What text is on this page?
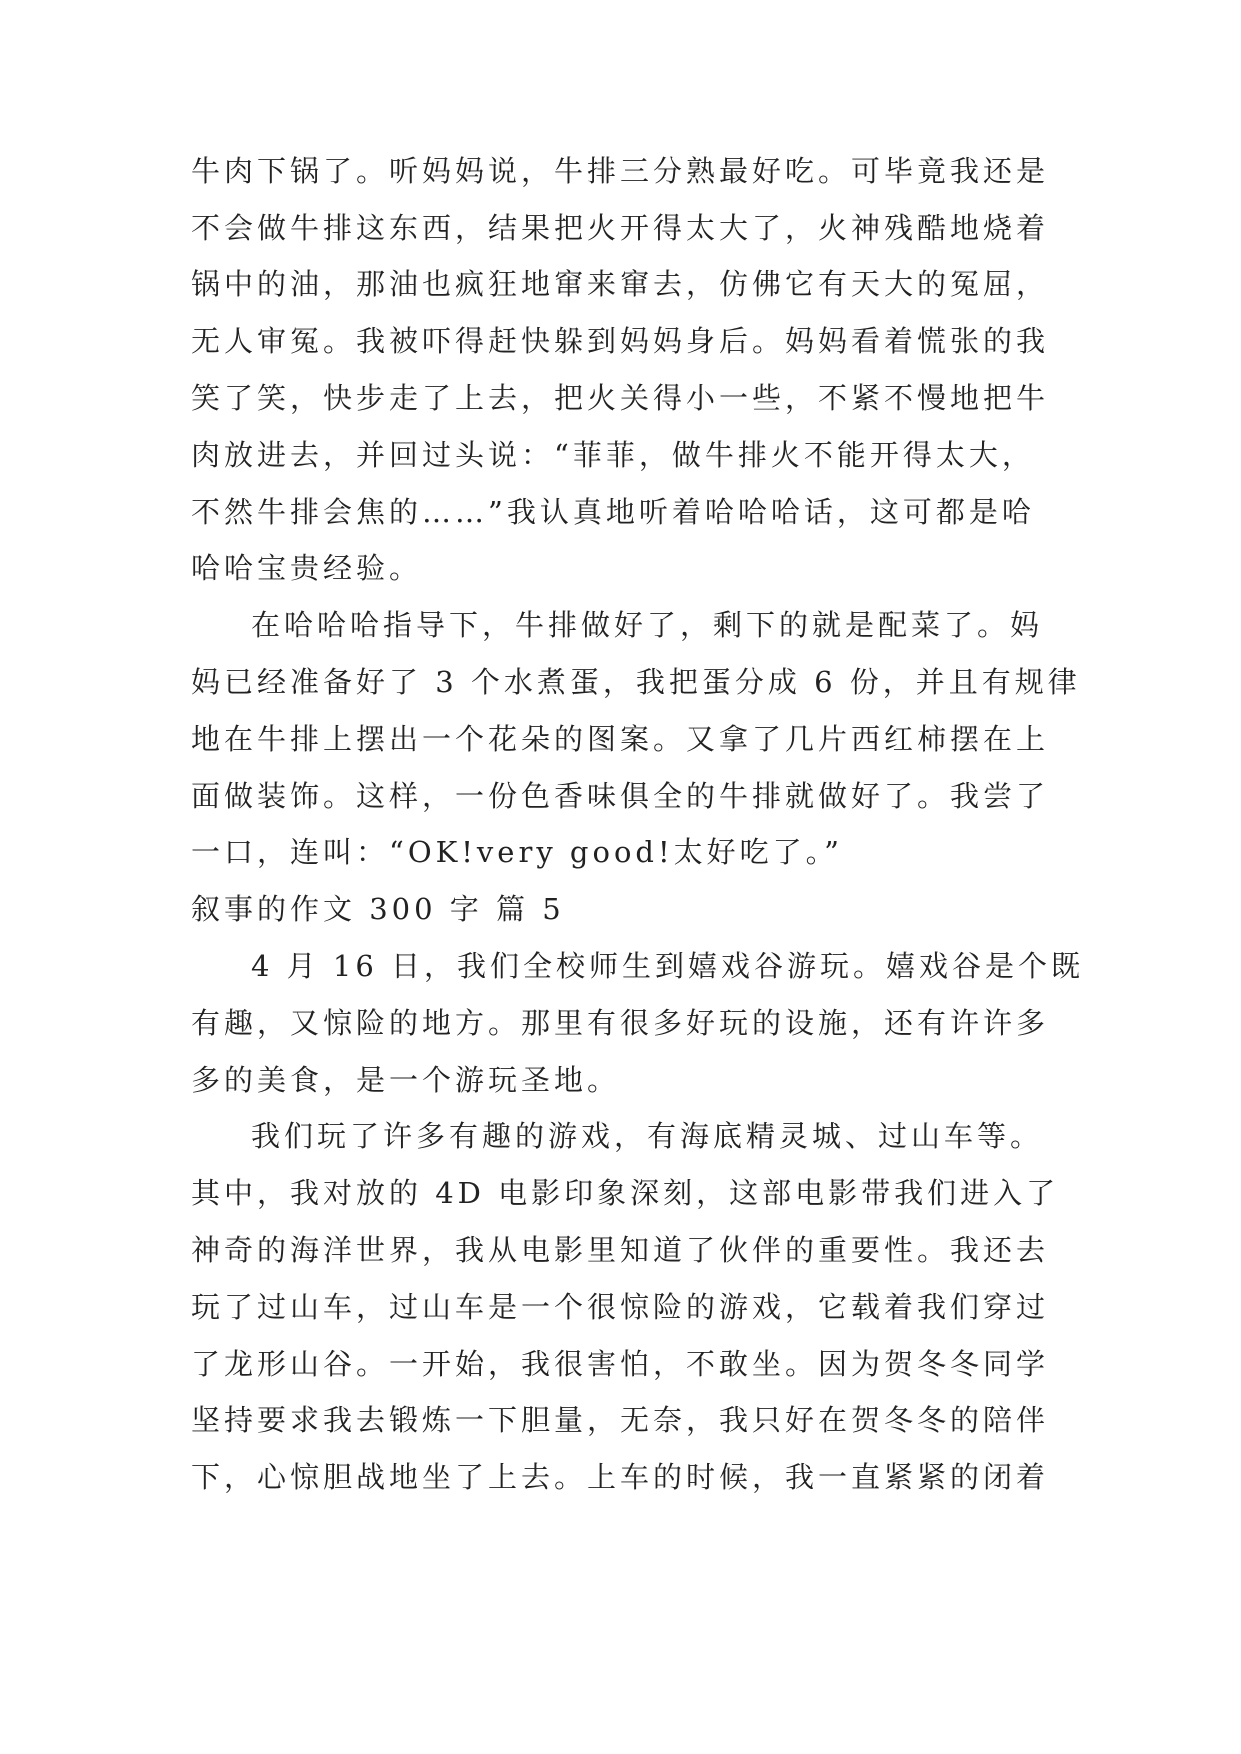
牛肉下锅了。听妈妈说，牛排三分熟最好吃。可毕竟我还是
不会做牛排这东西，结果把火开得太大了，火神残酷地烧着
锅中的油，那油也疯狂地窜来窜去，仿佛它有天大的冤屈，
无人审冤。我被吓得赶快躲到妈妈身后。妈妈看着慌张的我
笑了笑，快步走了上去，把火关得小一些，不紧不慢地把牛
肉放进去，并回过头说：“菲菲，做牛排火不能开得太大，
不然牛排会焦的……”我认真地听着哈哈哈话，这可都是哈
哈哈宝贵经验。
在哈哈哈指导下，牛排做好了，剩下的就是配菜了。妈
妈已经准备好了 3 个水煮蛋，我把蛋分成 6 份，并且有规律
地在牛排上摆出一个花朵的图案。又拿了几片西红柿摆在上
面做装饰。这样，一份色香味俱全的牛排就做好了。我尝了
一口，连叫：“OK!very good!太好吃了。”
叙事的作文 300 字 篇 5
4 月 16 日，我们全校师生到嬉戏谷游玩。嬉戏谷是个既
有趣，又惊险的地方。那里有很多好玩的设施，还有许许多
多的美食，是一个游玩圣地。
我们玩了许多有趣的游戏，有海底精灵城、过山车等。
其中，我对放的 4D 电影印象深刻，这部电影带我们进入了
神奇的海洋世界，我从电影里知道了伙伴的重要性。我还去
玩了过山车，过山车是一个很惊险的游戏，它载着我们穿过
了龙形山谷。一开始，我很害怕，不敢坐。因为贺冬冬同学
坚持要求我去锻炼一下胆量，无奈，我只好在贺冬冬的陪伴
下，心惊胆战地坐了上去。上车的时候，我一直紧紧的闭着
